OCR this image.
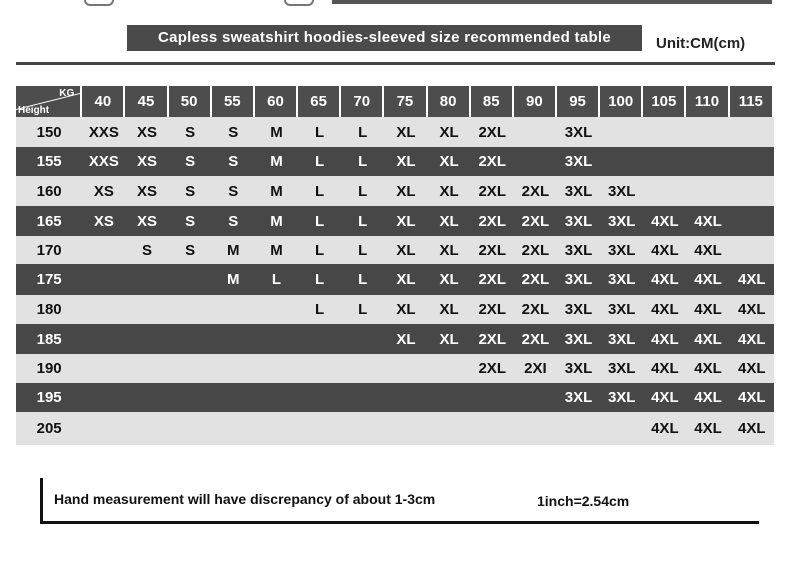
Capless sweatshirt hoodies-sleeved size recommended table	Unit:CM(cm)
KG
Height	40	45	50	55	60	65	70	75	80	85	90	95	100	105	110	115

150	XXS	XS	S	S	M	L	L	XL	XL	2XL		3XL				
155	XXS	XS	S	S	M	L	L	XL	XL	2XL		3XL				
160	XS	XS	S	S	M	L	L	XL	XL	2XL	2XL	3XL	3XL			
165	XS	XS	S	S	M	L	L	XL	XL	2XL	2XL	3XL	3XL	4XL	4XL	
170		S	S	M	M	L	L	XL	XL	2XL	2XL	3XL	3XL	4XL	4XL	
175				M	L	L	L	XL	XL	2XL	2XL	3XL	3XL	4XL	4XL	4XL
180						L	L	XL	XL	2XL	2XL	3XL	3XL	4XL	4XL	4XL
185								XL	XL	2XL	2XL	3XL	3XL	4XL	4XL	4XL
190										2XL	2XI	3XL	3XL	4XL	4XL	4XL
195												3XL	3XL	4XL	4XL	4XL
205														4XL	4XL	4XL
Hand measurement will have discrepancy of about 1-3cm	1inch=2.54cm
